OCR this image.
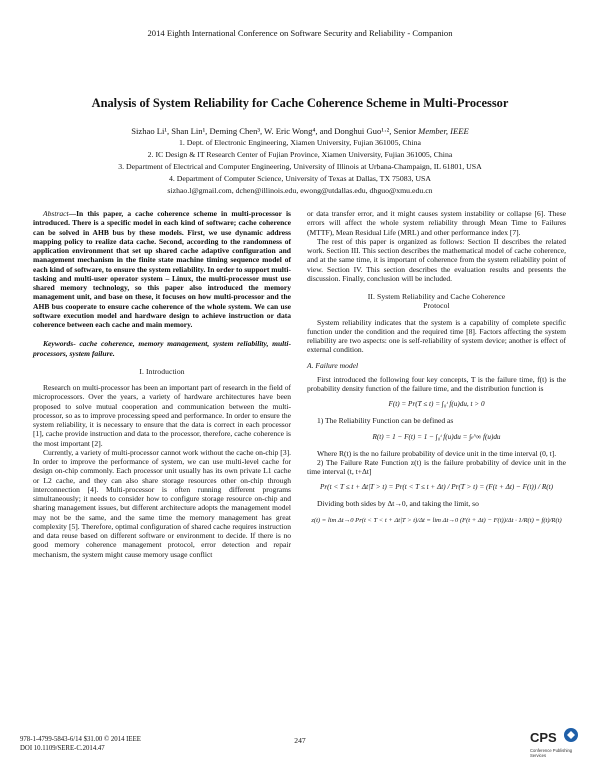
2014 Eighth International Conference on Software Security and Reliability - Companion
Analysis of System Reliability for Cache Coherence Scheme in Multi-Processor
Sizhao Li¹, Shan Lin¹, Deming Chen³, W. Eric Wong⁴, and Donghui Guo¹·², Senior Member, IEEE
1. Dept. of Electronic Engineering, Xiamen University, Fujian 361005, China
2. IC Design & IT Research Center of Fujian Province, Xiamen University, Fujian 361005, China
3. Department of Electrical and Computer Engineering, University of Illinois at Urbana-Champaign, IL 61801, USA
4. Department of Computer Science, University of Texas at Dallas, TX 75083, USA
sizhao.l@gmail.com, dchen@illinois.edu, ewong@utdallas.edu, dhguo@xmu.edu.cn

Abstract—In this paper, a cache coherence scheme in multi-processor is introduced. There is a specific model in each kind of software; cache coherence can be solved in AHB bus by these models. First, we use dynamic address mapping policy to realize data cache. Second, according to the randomness of application environment that set up shared cache adaptive configuration and management mechanism in the finite state machine timing sequence model of each kind of software, to ensure the system reliability. In order to support multi-tasking and multi-user operator system – Linux, the multi-processor must use shared memory technology, so this paper also introduced the memory management unit, and base on these, it focuses on how multi-processor and the AHB bus cooperate to ensure cache coherence of the whole system. We can use software execution model and hardware design to achieve instruction or data coherence between each cache and main memory.

Keywords- cache coherence, memory management, system reliability, multi-processors, system failure.

I. Introduction

Research on multi-processor has been an important part of research in the field of microprocessors. Over the years, a variety of hardware architectures have been proposed to solve mutual cooperation and communication between the multi-processor, so as to improve processing speed and performance. In order to ensure the system reliability, it is necessary to ensure that the data is correct in each processor [1], cache provide instruction and data to the processor, therefore, cache coherence is the most important [2].

Currently, a variety of multi-processor cannot work without the cache on-chip [3]. In order to improve the performance of system, we can use multi-level cache for design on-chip commonly. Each processor unit usually has its own private L1 cache or L2 cache, and they can also share storage resources other on-chip through interconnection [4]. Multi-processor is often running different programs simultaneously; it needs to consider how to configure storage resource on-chip and sharing management issues, but different architecture adopts the management model may not be the same, and the same time the memory management has great complexity [5]. Therefore, optimal configuration of shared cache requires instruction and data reuse based on different software or environment to decide. If there is no good memory coherence management protocol, error detection and repair mechanism, the system might cause memory usage conflict

or data transfer error, and it might causes system instability or collapse [6]. These errors will affect the whole system reliability through Mean Time to Failures (MTTF), Mean Residual Life (MRL) and other performance index [7].

The rest of this paper is organized as follows: Section II describes the related work. Section III. This section describes the mathematical model of cache coherence, and at the same time, it is important of coherence from the system reliability point of view. Section IV. This section describes the evaluation results and presents the discussion. Finally, conclusion will be included.

II. System Reliability and Cache Coherence

Protocol

System reliability indicates that the system is a capability of complete specific function under the condition and the required time [8]. Factors affecting the system reliability are two aspects: one is self-reliability of system device; another is effect of external condition.

A. Failure model

First introduced the following four key concepts, T is the failure time, f(t) is the probability density function of the failure time, and the distribution function is

F(t) = Pr(T ≤ t) = ∫₀ᵗ f(u)du, t > 0

1) The Reliability Function can be defined as

R(t) = 1 − F(t) = 1 − ∫₀ᵗ f(u)du = ∫ₜ^∞ f(u)du

Where R(t) is the no failure probability of device unit in the time interval (0, t].

2) The Failure Rate Function z(t) is the failure probability of device unit in the time interval (t, t+Δt]

Pr(t < T ≤ t + Δt|T > t) = Pr(t < T ≤ t + Δt) / Pr(T > t) = (F(t + Δt) − F(t)) / R(t)

Dividing both sides by Δt→0, and taking the limit, so

z(t) = lim Δt→0 Pr(t < T < t + Δt|T > t)/Δt = lim Δt→0 (F(t + Δt) − F(t))/Δt · 1/R(t) = f(t)/R(t)

978-1-4799-5843-6/14 $31.00 © 2014 IEEE
DOI 10.1109/SERE-C.2014.47
247	CPS
Conference Publishing Services
